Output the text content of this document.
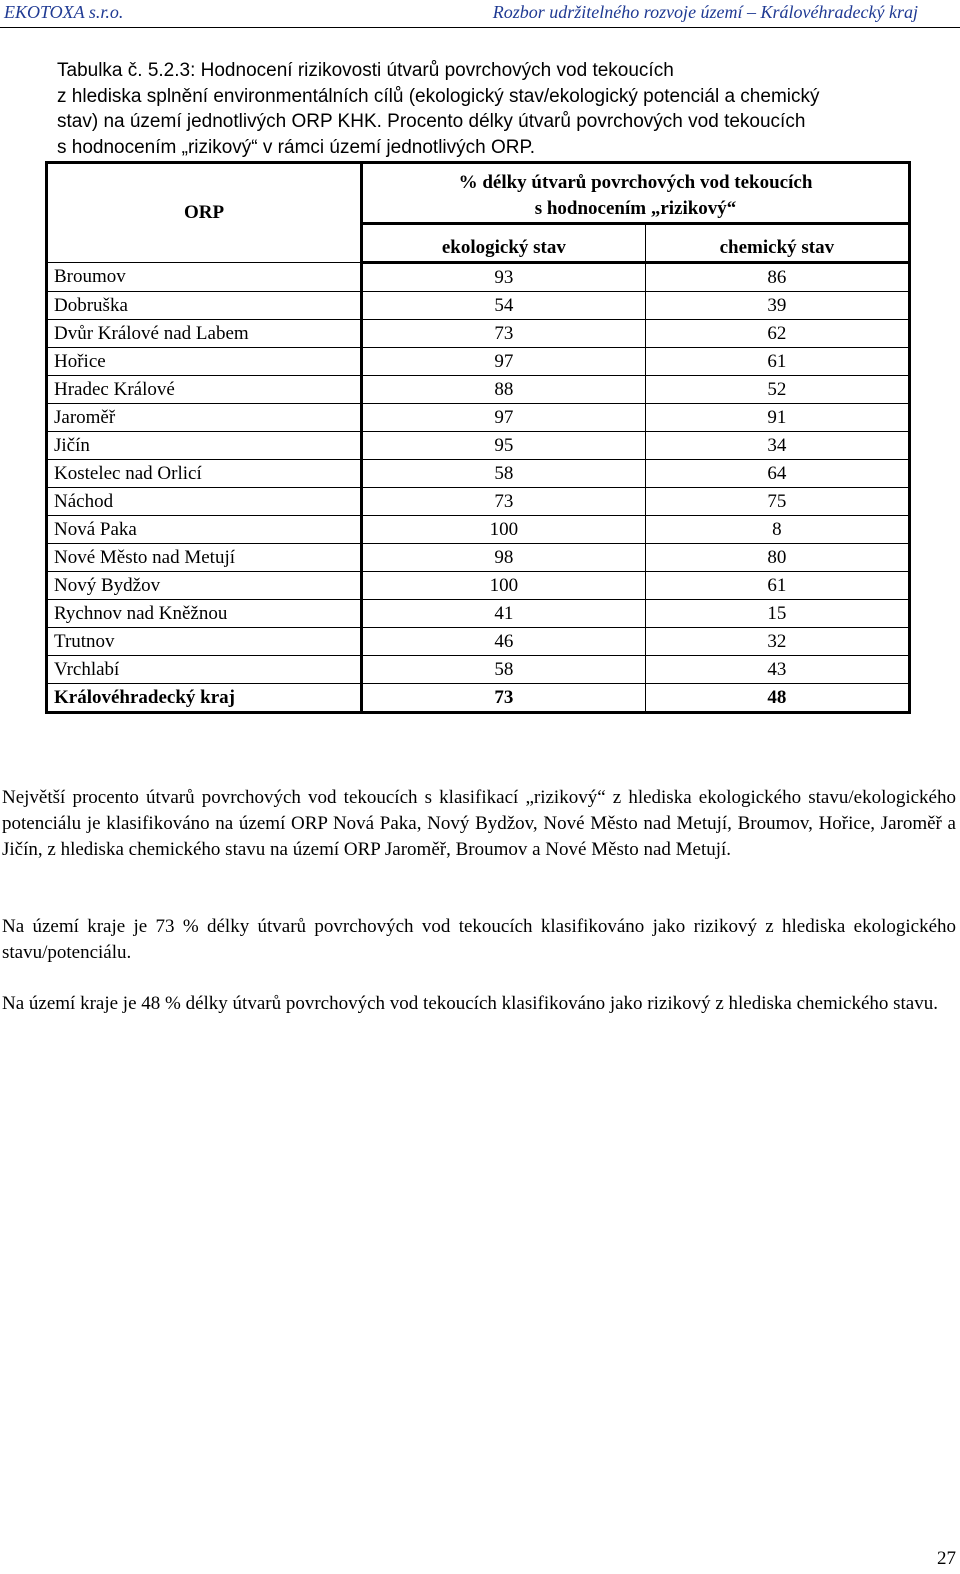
EKOTOXA s.r.o.	Rozbor udržitelného rozvoje území – Královéhradecký kraj
Tabulka č. 5.2.3: Hodnocení rizikovosti útvarů povrchových vod tekoucích
z hlediska splnění environmentálních cílů (ekologický stav/ekologický potenciál a chemický
stav) na území jednotlivých ORP KHK. Procento délky útvarů povrchových vod tekoucích
s hodnocením „rizikový“ v rámci území jednotlivých ORP.
ORP	% délky útvarů povrchových vod tekoucích
s hodnocením „rizikový“	

	ekologický stav	chemický stav
Broumov	93	86
Dobruška	54	39
Dvůr Králové nad Labem	73	62
Hořice	97	61
Hradec Králové	88	52
Jaroměř	97	91
Jičín	95	34
Kostelec nad Orlicí	58	64
Náchod	73	75
Nová Paka	100	8
Nové Město nad Metují	98	80
Nový Bydžov	100	61
Rychnov nad Kněžnou	41	15
Trutnov	46	32
Vrchlabí	58	43
Královéhradecký kraj	73	48

Největší procento útvarů povrchových vod tekoucích s klasifikací „rizikový“ z hlediska ekologického stavu/ekologického potenciálu je klasifikováno na území ORP Nová Paka, Nový Bydžov, Nové Město nad Metují, Broumov, Hořice, Jaroměř a Jičín, z hlediska chemického stavu na území ORP Jaroměř, Broumov a Nové Město nad Metují.

Na území kraje je 73 % délky útvarů povrchových vod tekoucích klasifikováno jako rizikový z hlediska ekologického stavu/potenciálu.

Na území kraje je 48 % délky útvarů povrchových vod tekoucích klasifikováno jako rizikový z hlediska chemického stavu.

27
